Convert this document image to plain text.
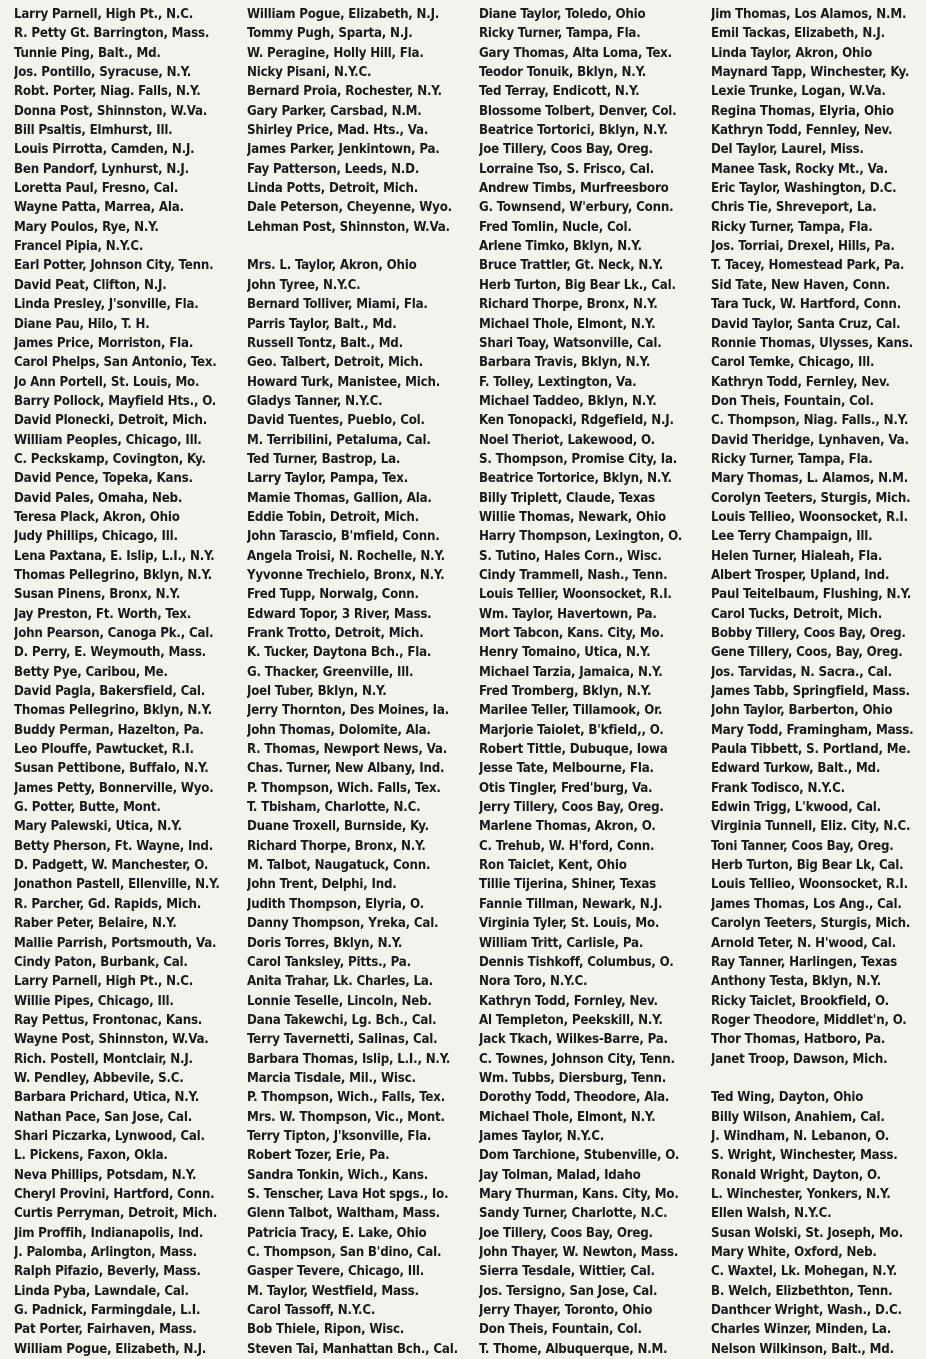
Larry Parnell, High Pt., N.C.
R. Petty Gt. Barrington, Mass.
Tunnie Ping, Balt., Md.
Jos. Pontillo, Syracuse, N.Y.
Robt. Porter, Niag. Falls, N.Y.
Donna Post, Shinnston, W.Va.
Bill Psaltis, Elmhurst, Ill.
Louis Pirrotta, Camden, N.J.
Ben Pandorf, Lynhurst, N.J.
Loretta Paul, Fresno, Cal.
Wayne Patta, Marrea, Ala.
Mary Poulos, Rye, N.Y.
Francel Pipia, N.Y.C.
Earl Potter, Johnson City, Tenn.
David Peat, Clifton, N.J.
Linda Presley, J'sonville, Fla.
Diane Pau, Hilo, T. H.
James Price, Morriston, Fla.
Carol Phelps, San Antonio, Tex.
Jo Ann Portell, St. Louis, Mo.
Barry Pollock, Mayfield Hts., O.
David Plonecki, Detroit, Mich.
William Peoples, Chicago, Ill.
C. Peckskamp, Covington, Ky.
David Pence, Topeka, Kans.
David Pales, Omaha, Neb.
Teresa Plack, Akron, Ohio
Judy Phillips, Chicago, Ill.
Lena Paxtana, E. Islip, L.I., N.Y.
Thomas Pellegrino, Bklyn, N.Y.
Susan Pinens, Bronx, N.Y.
Jay Preston, Ft. Worth, Tex.
John Pearson, Canoga Pk., Cal.
D. Perry, E. Weymouth, Mass.
Betty Pye, Caribou, Me.
David Pagla, Bakersfield, Cal.
Thomas Pellegrino, Bklyn, N.Y.
Buddy Perman, Hazelton, Pa.
Leo Plouffe, Pawtucket, R.I.
Susan Pettibone, Buffalo, N.Y.
James Petty, Bonnerville, Wyo.
G. Potter, Butte, Mont.
Mary Palewski, Utica, N.Y.
Betty Pherson, Ft. Wayne, Ind.
D. Padgett, W. Manchester, O.
Jonathon Pastell, Ellenville, N.Y.
R. Parcher, Gd. Rapids, Mich.
Raber Peter, Belaire, N.Y.
Mallie Parrish, Portsmouth, Va.
Cindy Paton, Burbank, Cal.
Larry Parnell, High Pt., N.C.
Willie Pipes, Chicago, Ill.
Ray Pettus, Frontonac, Kans.
Wayne Post, Shinnston, W.Va.
Rich. Postell, Montclair, N.J.
W. Pendley, Abbevile, S.C.
Barbara Prichard, Utica, N.Y.
Nathan Pace, San Jose, Cal.
Shari Piczarka, Lynwood, Cal.
L. Pickens, Faxon, Okla.
Neva Phillips, Potsdam, N.Y.
Cheryl Provini, Hartford, Conn.
Curtis Perryman, Detroit, Mich.
Jim Proffih, Indianapolis, Ind.
J. Palomba, Arlington, Mass.
Ralph Pifazio, Beverly, Mass.
Linda Pyba, Lawndale, Cal.
G. Padnick, Farmingdale, L.I.
Pat Porter, Fairhaven, Mass.
William Pogue, Elizabeth, N.J.
William Pogue, Elizabeth, N.J.
Tommy Pugh, Sparta, N.J.
W. Peragine, Holly Hill, Fla.
Nicky Pisani, N.Y.C.
Bernard Proia, Rochester, N.Y.
Gary Parker, Carsbad, N.M.
Shirley Price, Mad. Hts., Va.
James Parker, Jenkintown, Pa.
Fay Patterson, Leeds, N.D.
Linda Potts, Detroit, Mich.
Dale Peterson, Cheyenne, Wyo.
Lehman Post, Shinnston, W.Va.
Mrs. L. Taylor, Akron, Ohio
John Tyree, N.Y.C.
Bernard Tolliver, Miami, Fla.
Parris Taylor, Balt., Md.
Russell Tontz, Balt., Md.
Geo. Talbert, Detroit, Mich.
Howard Turk, Manistee, Mich.
Gladys Tanner, N.Y.C.
David Tuentes, Pueblo, Col.
M. Terribilini, Petaluma, Cal.
Ted Turner, Bastrop, La.
Larry Taylor, Pampa, Tex.
Mamie Thomas, Gallion, Ala.
Eddie Tobin, Detroit, Mich.
John Tarascio, B'mfield, Conn.
Angela Troisi, N. Rochelle, N.Y.
Yyvonne Trechielo, Bronx, N.Y.
Fred Tupp, Norwalg, Conn.
Edward Topor, 3 River, Mass.
Frank Trotto, Detroit, Mich.
K. Tucker, Daytona Bch., Fla.
G. Thacker, Greenville, Ill.
Joel Tuber, Bklyn, N.Y.
Jerry Thornton, Des Moines, Ia.
John Thomas, Dolomite, Ala.
R. Thomas, Newport News, Va.
Chas. Turner, New Albany, Ind.
P. Thompson, Wich. Falls, Tex.
T. Tbisham, Charlotte, N.C.
Duane Troxell, Burnside, Ky.
Richard Thorpe, Bronx, N.Y.
M. Talbot, Naugatuck, Conn.
John Trent, Delphi, Ind.
Judith Thompson, Elyria, O.
Danny Thompson, Yreka, Cal.
Doris Torres, Bklyn, N.Y.
Carol Tanksley, Pitts., Pa.
Anita Trahar, Lk. Charles, La.
Lonnie Teselle, Lincoln, Neb.
Dana Takewchi, Lg. Bch., Cal.
Terry Tavernetti, Salinas, Cal.
Barbara Thomas, Islip, L.I., N.Y.
Marcia Tisdale, Mil., Wisc.
P. Thompson, Wich., Falls, Tex.
Mrs. W. Thompson, Vic., Mont.
Terry Tipton, J'ksonville, Fla.
Robert Tozer, Erie, Pa.
Sandra Tonkin, Wich., Kans.
S. Tenscher, Lava Hot spgs., Io.
Glenn Talbot, Waltham, Mass.
Patricia Tracy, E. Lake, Ohio
C. Thompson, San B'dino, Cal.
Gasper Tevere, Chicago, Ill.
M. Taylor, Westfield, Mass.
Carol Tassoff, N.Y.C.
Bob Thiele, Ripon, Wisc.
Steven Tai, Manhattan Bch., Cal.
Diane Taylor, Toledo, Ohio
Ricky Turner, Tampa, Fla.
Gary Thomas, Alta Loma, Tex.
Teodor Tonuik, Bklyn, N.Y.
Ted Terray, Endicott, N.Y.
Blossome Tolbert, Denver, Col.
Beatrice Tortorici, Bklyn, N.Y.
Joe Tillery, Coos Bay, Oreg.
Lorraine Tso, S. Frisco, Cal.
Andrew Timbs, Murfreesboro
G. Townsend, W'erbury, Conn.
Fred Tomlin, Nucle, Col.
Arlene Timko, Bklyn, N.Y.
Bruce Trattler, Gt. Neck, N.Y.
Herb Turton, Big Bear Lk., Cal.
Richard Thorpe, Bronx, N.Y.
Michael Thole, Elmont, N.Y.
Shari Toay, Watsonville, Cal.
Barbara Travis, Bklyn, N.Y.
F. Tolley, Lextington, Va.
Michael Taddeo, Bklyn, N.Y.
Ken Tonopacki, Rdgefield, N.J.
Noel Theriot, Lakewood, O.
S. Thompson, Promise City, Ia.
Beatrice Tortorice, Bklyn, N.Y.
Billy Triplett, Claude, Texas
Willie Thomas, Newark, Ohio
Harry Thompson, Lexington, O.
S. Tutino, Hales Corn., Wisc.
Cindy Trammell, Nash., Tenn.
Louis Tellier, Woonsocket, R.I.
Wm. Taylor, Havertown, Pa.
Mort Tabcon, Kans. City, Mo.
Henry Tomaino, Utica, N.Y.
Michael Tarzia, Jamaica, N.Y.
Fred Tromberg, Bklyn, N.Y.
Marilee Teller, Tillamook, Or.
Marjorie Taiolet, B'kfield,, O.
Robert Tittle, Dubuque, Iowa
Jesse Tate, Melbourne, Fla.
Otis Tingler, Fred'burg, Va.
Jerry Tillery, Coos Bay, Oreg.
Marlene Thomas, Akron, O.
C. Trehub, W. H'ford, Conn.
Ron Taiclet, Kent, Ohio
Tillie Tijerina, Shiner, Texas
Fannie Tillman, Newark, N.J.
Virginia Tyler, St. Louis, Mo.
William Tritt, Carlisle, Pa.
Dennis Tishkoff, Columbus, O.
Nora Toro, N.Y.C.
Kathryn Todd, Fornley, Nev.
Al Templeton, Peekskill, N.Y.
Jack Tkach, Wilkes-Barre, Pa.
C. Townes, Johnson City, Tenn.
Wm. Tubbs, Diersburg, Tenn.
Dorothy Todd, Theodore, Ala.
Michael Thole, Elmont, N.Y.
James Taylor, N.Y.C.
Dom Tarchione, Stubenville, O.
Jay Tolman, Malad, Idaho
Mary Thurman, Kans. City, Mo.
Sandy Turner, Charlotte, N.C.
Joe Tillery, Coos Bay, Oreg.
John Thayer, W. Newton, Mass.
Sierra Tesdale, Wittier, Cal.
Jos. Tersigno, San Jose, Cal.
Jerry Thayer, Toronto, Ohio
Don Theis, Fountain, Col.
T. Thome, Albuquerque, N.M.
Jim Thomas, Los Alamos, N.M.
Emil Tackas, Elizabeth, N.J.
Linda Taylor, Akron, Ohio
Maynard Tapp, Winchester, Ky.
Lexie Trunke, Logan, W.Va.
Regina Thomas, Elyria, Ohio
Kathryn Todd, Fennley, Nev.
Del Taylor, Laurel, Miss.
Manee Task, Rocky Mt., Va.
Eric Taylor, Washington, D.C.
Chris Tie, Shreveport, La.
Ricky Turner, Tampa, Fla.
Jos. Torriai, Drexel, Hills, Pa.
T. Tacey, Homestead Park, Pa.
Sid Tate, New Haven, Conn.
Tara Tuck, W. Hartford, Conn.
David Taylor, Santa Cruz, Cal.
Ronnie Thomas, Ulysses, Kans.
Carol Temke, Chicago, Ill.
Kathryn Todd, Fernley, Nev.
Don Theis, Fountain, Col.
C. Thompson, Niag. Falls., N.Y.
David Theridge, Lynhaven, Va.
Ricky Turner, Tampa, Fla.
Mary Thomas, L. Alamos, N.M.
Corolyn Teeters, Sturgis, Mich.
Louis Tellieo, Woonsocket, R.I.
Lee Terry Champaign, Ill.
Helen Turner, Hialeah, Fla.
Albert Trosper, Upland, Ind.
Paul Teitelbaum, Flushing, N.Y.
Carol Tucks, Detroit, Mich.
Bobby Tillery, Coos Bay, Oreg.
Gene Tillery, Coos, Bay, Oreg.
Jos. Tarvidas, N. Sacra., Cal.
James Tabb, Springfield, Mass.
John Taylor, Barberton, Ohio
Mary Todd, Framingham, Mass.
Paula Tibbett, S. Portland, Me.
Edward Turkow, Balt., Md.
Frank Todisco, N.Y.C.
Edwin Trigg, L'kwood, Cal.
Virginia Tunnell, Eliz. City, N.C.
Toni Tanner, Coos Bay, Oreg.
Herb Turton, Big Bear Lk, Cal.
Louis Tellieo, Woonsocket, R.I.
James Thomas, Los Ang., Cal.
Carolyn Teeters, Sturgis, Mich.
Arnold Teter, N. H'wood, Cal.
Ray Tanner, Harlingen, Texas
Anthony Testa, Bklyn, N.Y.
Ricky Taiclet, Brookfield, O.
Roger Theodore, Middlet'n, O.
Thor Thomas, Hatboro, Pa.
Janet Troop, Dawson, Mich.
Ted Wing, Dayton, Ohio
Billy Wilson, Anahiem, Cal.
J. Windham, N. Lebanon, O.
S. Wright, Winchester, Mass.
Ronald Wright, Dayton, O.
L. Winchester, Yonkers, N.Y.
Ellen Walsh, N.Y.C.
Susan Wolski, St. Joseph, Mo.
Mary White, Oxford, Neb.
C. Waxtel, Lk. Mohegan, N.Y.
B. Welch, Elizbethton, Tenn.
Danthcer Wright, Wash., D.C.
Charles Winzer, Minden, La.
Nelson Wilkinson, Balt., Md.
